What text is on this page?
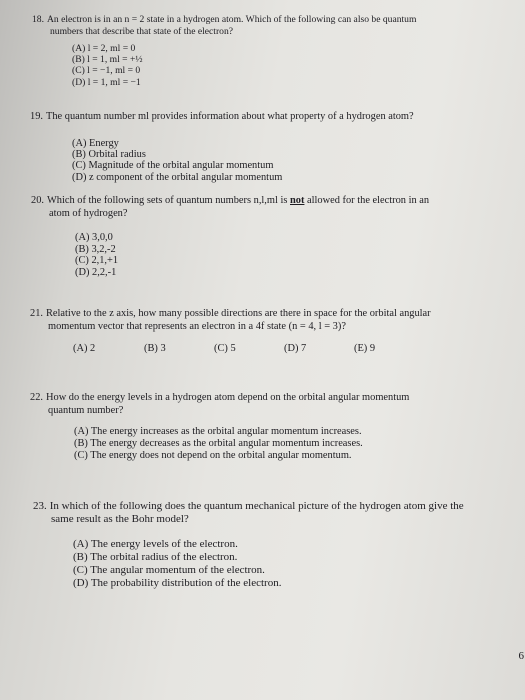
18. An electron is in an n = 2 state in a hydrogen atom. Which of the following can also be quantum
numbers that describe that state of the electron?

(A) l = 2, ml = 0
(B) l = 1, ml = +½
(C) l = −1, ml = 0
(D) l = 1, ml = −1

19. The quantum number ml provides information about what property of a hydrogen atom?

(A) Energy
(B) Orbital radius
(C) Magnitude of the orbital angular momentum
(D) z component of the orbital angular momentum

20. Which of the following sets of quantum numbers n,l,ml is not allowed for the electron in an
atom of hydrogen?

(A) 3,0,0
(B) 3,2,-2
(C) 2,1,+1
(D) 2,2,-1

21. Relative to the z axis, how many possible directions are there in space for the orbital angular
momentum vector that represents an electron in a 4f state (n = 4, l = 3)?

(A) 2	(B) 3	(C) 5	(D) 7	(E) 9

22. How do the energy levels in a hydrogen atom depend on the orbital angular momentum
quantum number?

(A) The energy increases as the orbital angular momentum increases.
(B) The energy decreases as the orbital angular momentum increases.
(C) The energy does not depend on the orbital angular momentum.

23. In which of the following does the quantum mechanical picture of the hydrogen atom give the
same result as the Bohr model?

(A) The energy levels of the electron.
(B) The orbital radius of the electron.
(C) The angular momentum of the electron.
(D) The probability distribution of the electron.
6
